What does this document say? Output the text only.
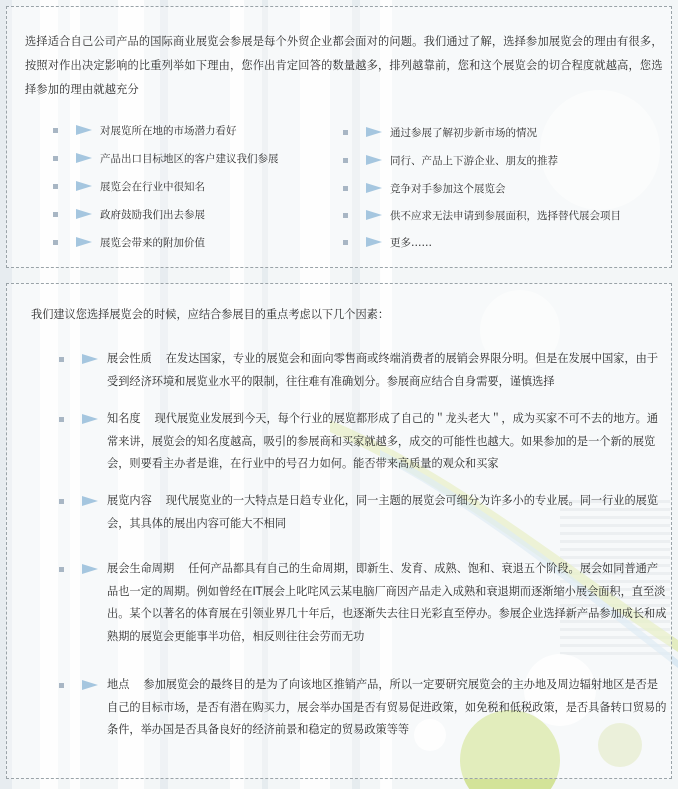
选择适合自己公司产品的国际商业展览会参展是每个外贸企业都会面对的问题。我们通过了解，选择参加展览会的理由有很多，按照对作出决定影响的比重列举如下理由，您作出肯定回答的数量越多，排列越靠前，您和这个展览会的切合程度就越高，您选择参加的理由就越充分
对展览所在地的市场潜力看好
产品出口目标地区的客户建议我们参展
展览会在行业中很知名
政府鼓励我们出去参展
展览会带来的附加价值
通过参展了解初步新市场的情况
同行、产品上下游企业、朋友的推荐
竞争对手参加这个展览会
供不应求无法申请到参展面积，选择替代展会项目
更多……
我们建议您选择展览会的时候，应结合参展目的重点考虑以下几个因素：
展会性质 在发达国家，专业的展览会和面向零售商或终端消费者的展销会界限分明。但是在发展中国家，由于受到经济环境和展览业水平的限制，往往难有准确划分。参展商应结合自身需要，谨慎选择
知名度 现代展览业发展到今天，每个行业的展览都形成了自己的＂龙头老大＂，成为买家不可不去的地方。通常来讲，展览会的知名度越高，吸引的参展商和买家就越多，成交的可能性也越大。如果参加的是一个新的展览会，则要看主办者是谁，在行业中的号召力如何。能否带来高质量的观众和买家
展览内容 现代展览业的一大特点是日趋专业化，同一主题的展览会可细分为许多小的专业展。同一行业的展览会，其具体的展出内容可能大不相同
展会生命周期 任何产品都具有自己的生命周期，即新生、发育、成熟、饱和、衰退五个阶段。展会如同普通产品也一定的周期。例如曾经在IT展会上叱咤风云某电脑厂商因产品走入成熟和衰退期而逐渐缩小展会面积，直至淡出。某个以著名的体育展在引领业界几十年后，也逐渐失去往日光彩直至停办。参展企业选择新产品参加成长和成熟期的展览会更能事半功倍，相反则往往会劳而无功
地点 参加展览会的最终目的是为了向该地区推销产品，所以一定要研究展览会的主办地及周边辐射地区是否是自己的目标市场，是否有潜在购买力，展会举办国是否有贸易促进政策，如免税和低税政策，是否具备转口贸易的条件，举办国是否具备良好的经济前景和稳定的贸易政策等等
